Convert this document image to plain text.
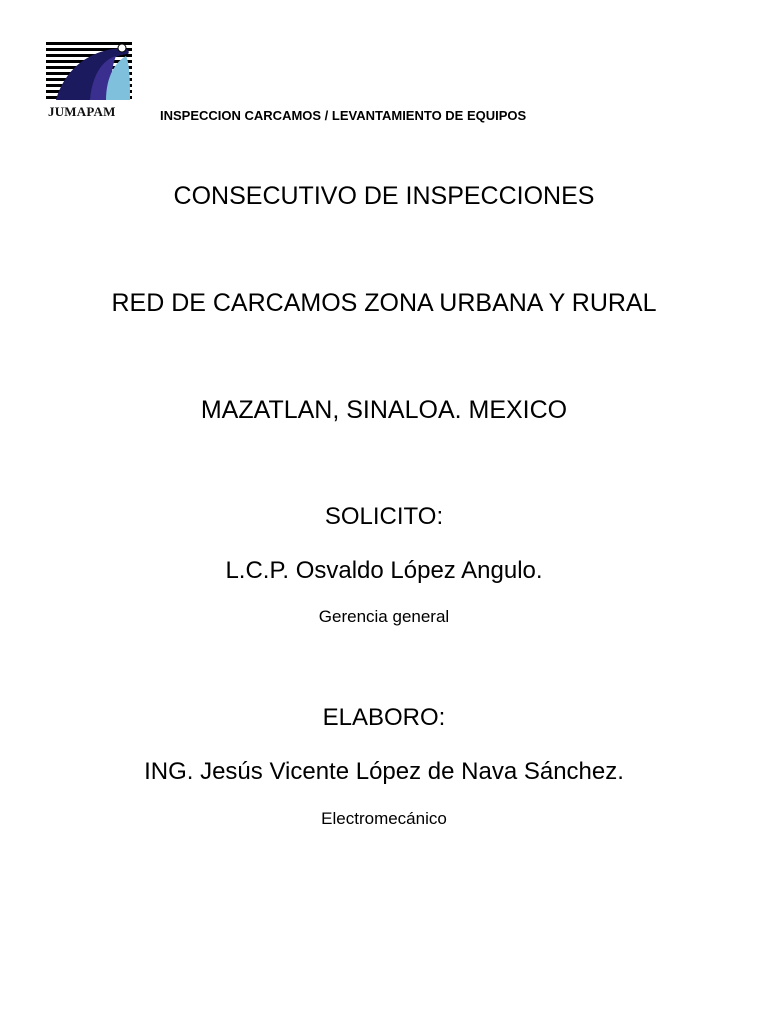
JUMAPAM	INSPECCION CARCAMOS / LEVANTAMIENTO DE EQUIPOS
CONSECUTIVO DE INSPECCIONES
RED DE CARCAMOS ZONA URBANA Y RURAL
MAZATLAN, SINALOA. MEXICO
SOLICITO:
L.C.P. Osvaldo López Angulo.
Gerencia general
ELABORO:
ING. Jesús Vicente López de Nava Sánchez.
Electromecánico
